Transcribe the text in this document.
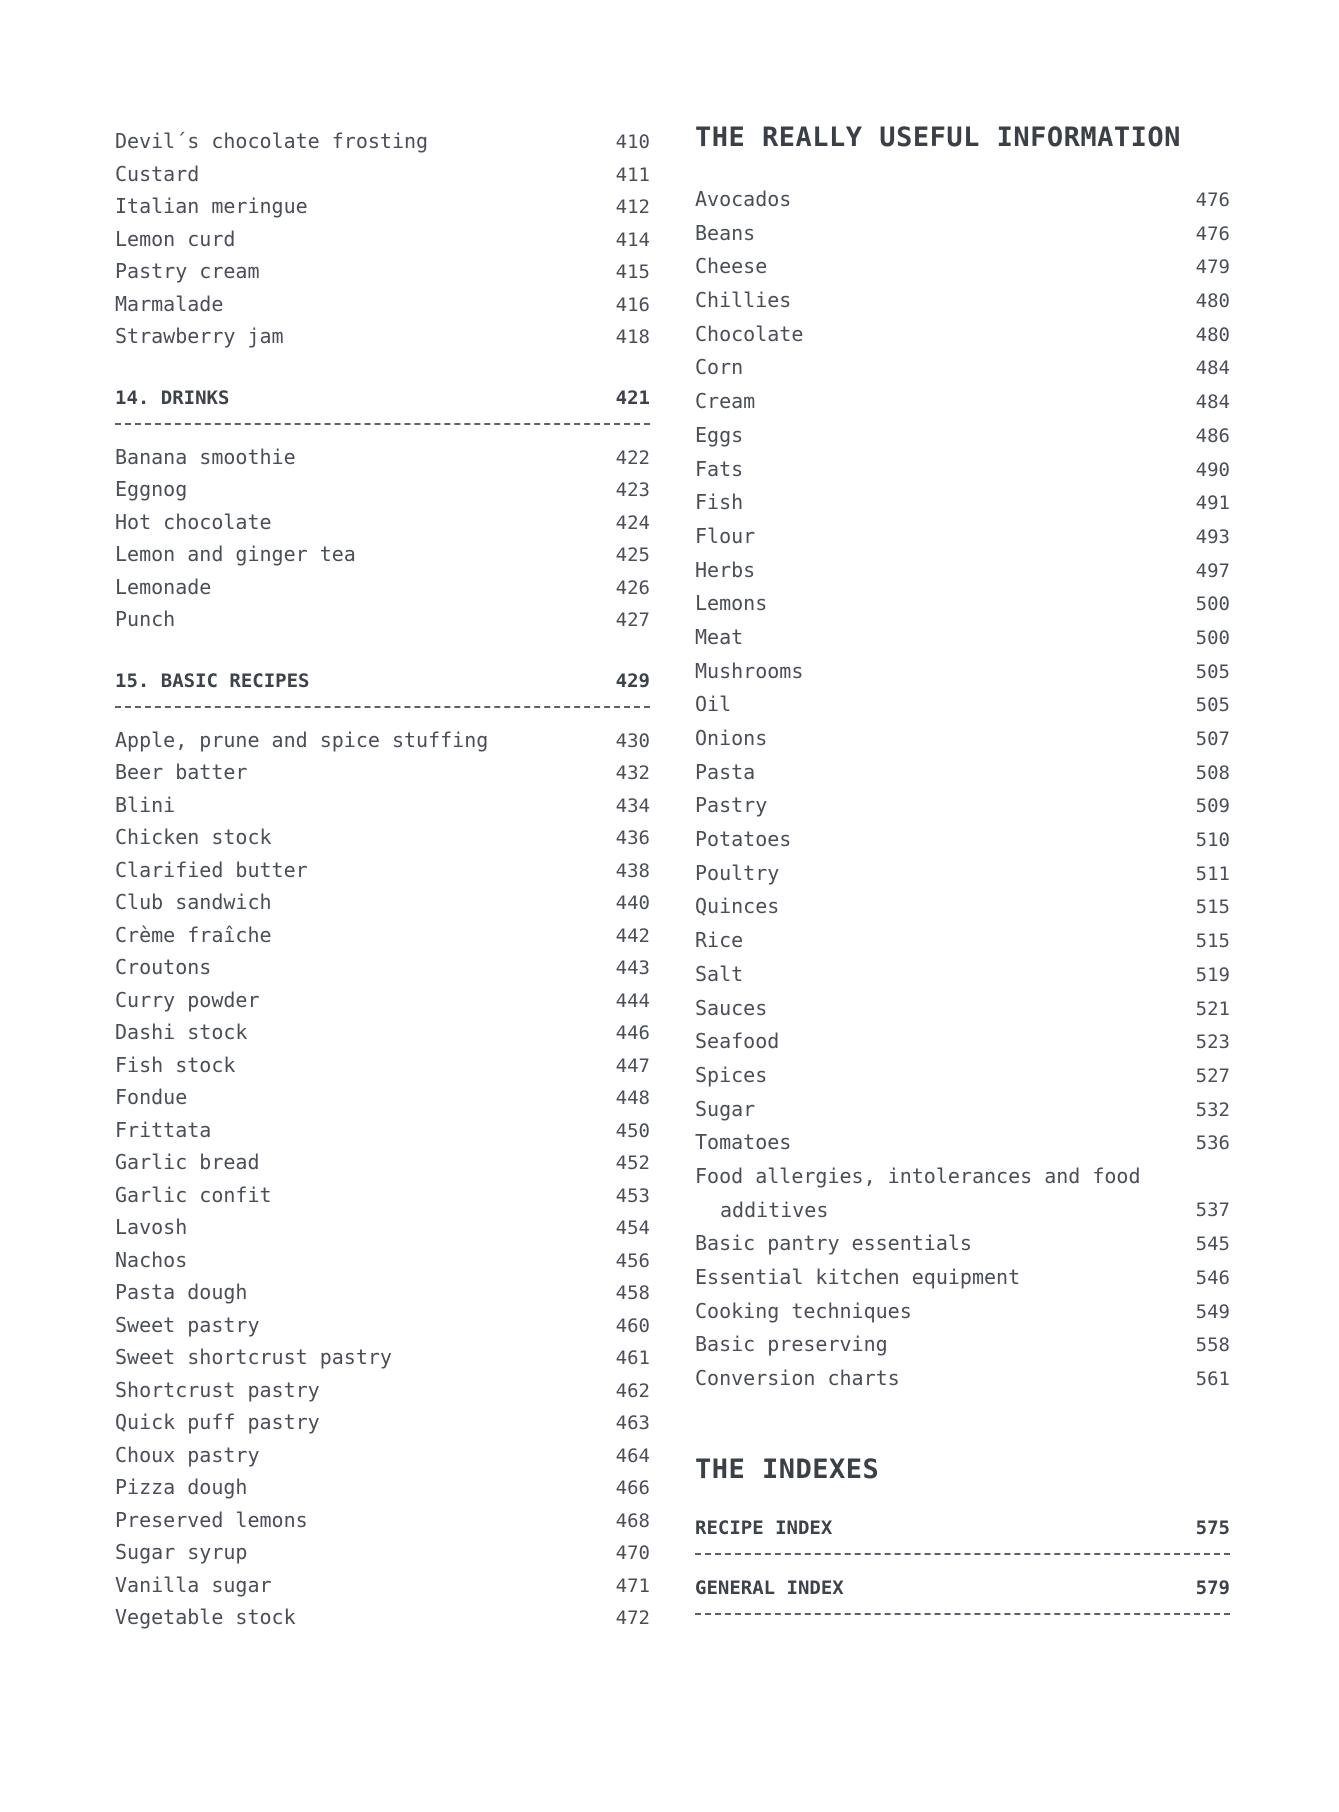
Devil´s chocolate frosting	410
Custard	411
Italian meringue	412
Lemon curd	414
Pastry cream	415
Marmalade	416
Strawberry jam	418
14. DRINKS	421
Banana smoothie	422
Eggnog	423
Hot chocolate	424
Lemon and ginger tea	425
Lemonade	426
Punch	427
15. BASIC RECIPES	429
Apple, prune and spice stuffing	430
Beer batter	432
Blini	434
Chicken stock	436
Clarified butter	438
Club sandwich	440
Crème fraîche	442
Croutons	443
Curry powder	444
Dashi stock	446
Fish stock	447
Fondue	448
Frittata	450
Garlic bread	452
Garlic confit	453
Lavosh	454
Nachos	456
Pasta dough	458
Sweet pastry	460
Sweet shortcrust pastry	461
Shortcrust pastry	462
Quick puff pastry	463
Choux pastry	464
Pizza dough	466
Preserved lemons	468
Sugar syrup	470
Vanilla sugar	471
Vegetable stock	472
THE REALLY USEFUL INFORMATION
Avocados	476
Beans	476
Cheese	479
Chillies	480
Chocolate	480
Corn	484
Cream	484
Eggs	486
Fats	490
Fish	491
Flour	493
Herbs	497
Lemons	500
Meat	500
Mushrooms	505
Oil	505
Onions	507
Pasta	508
Pastry	509
Potatoes	510
Poultry	511
Quinces	515
Rice	515
Salt	519
Sauces	521
Seafood	523
Spices	527
Sugar	532
Tomatoes	536
Food allergies, intolerances and food
additives	537
Basic pantry essentials	545
Essential kitchen equipment	546
Cooking techniques	549
Basic preserving	558
Conversion charts	561
THE INDEXES
RECIPE INDEX	575
GENERAL INDEX	579
